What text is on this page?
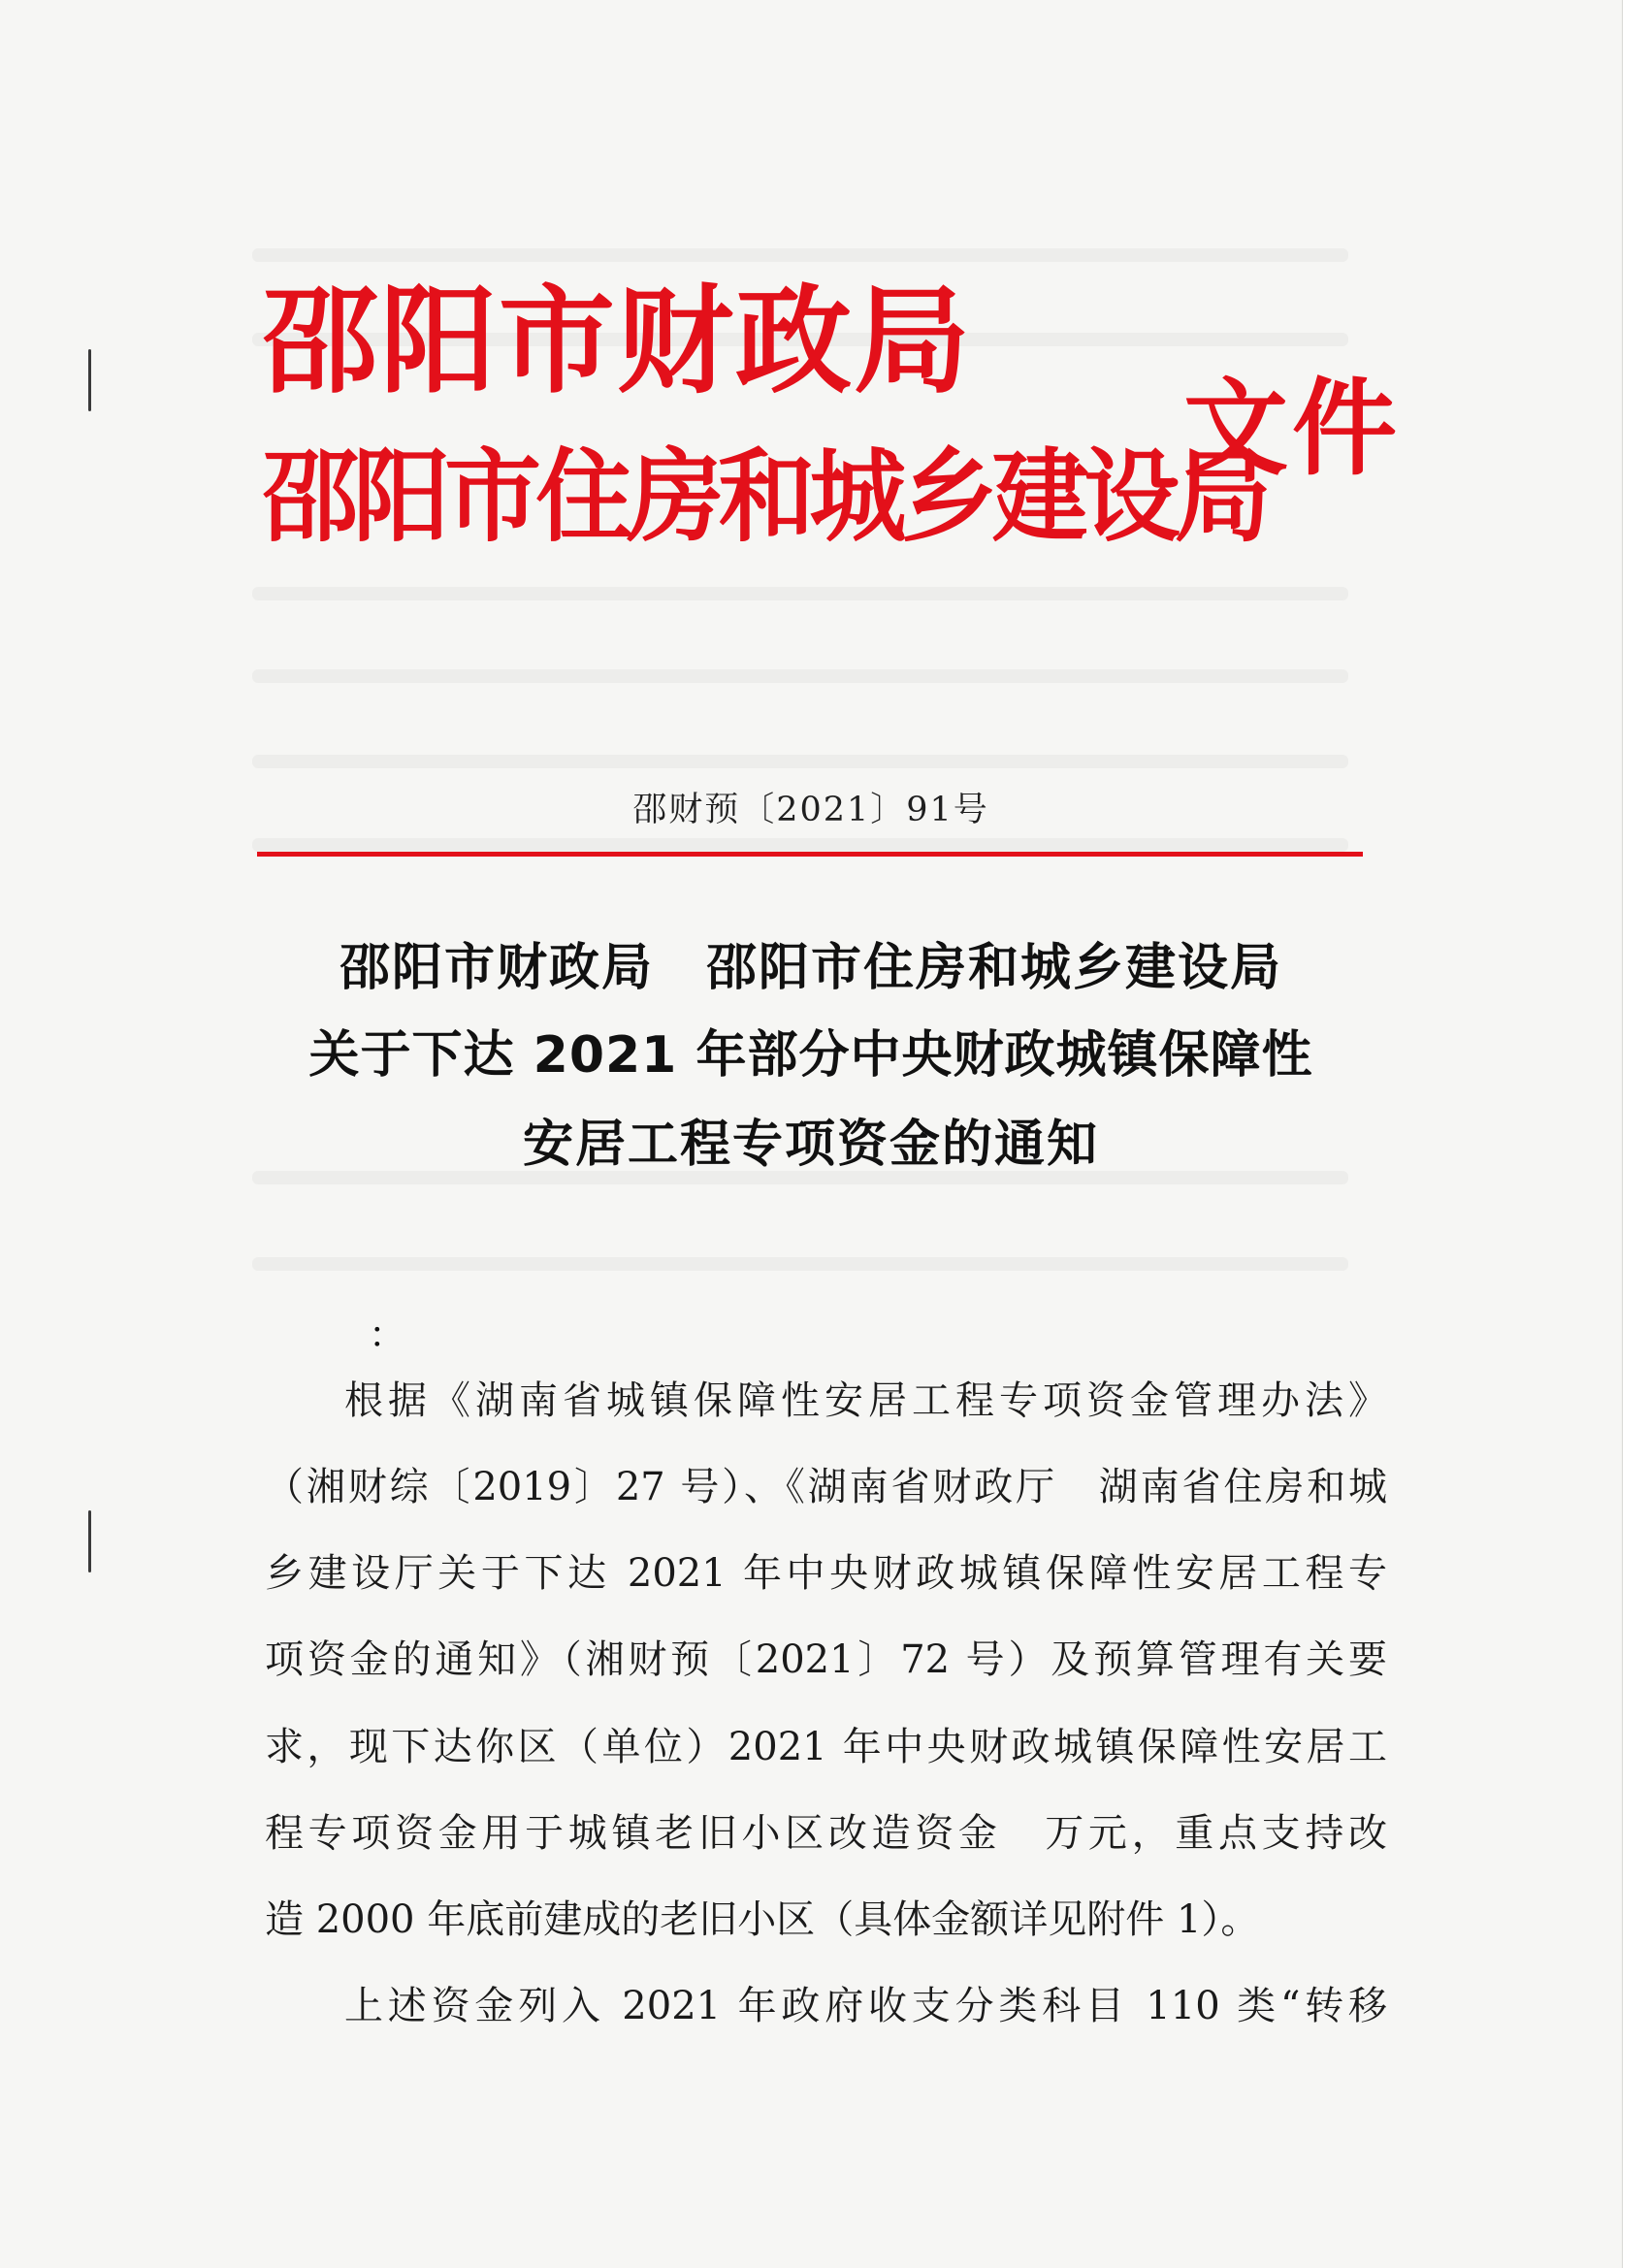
邵阳市财政局
邵阳市住房和城乡建设局
文件
邵财预〔2021〕91号
邵阳市财政局　邵阳市住房和城乡建设局
关于下达 2021 年部分中央财政城镇保障性
安居工程专项资金的通知
：
根据《湖南省城镇保障性安居工程专项资金管理办法》
（湘财综〔2019〕27 号）、《湖南省财政厅　湖南省住房和城
乡建设厅关于下达 2021 年中央财政城镇保障性安居工程专
项资金的通知》（湘财预〔2021〕72 号）及预算管理有关要
求，现下达你区（单位）2021 年中央财政城镇保障性安居工
程专项资金用于城镇老旧小区改造资金　万元，重点支持改
造 2000 年底前建成的老旧小区（具体金额详见附件 1）。
上述资金列入 2021 年政府收支分类科目 110 类“转移
